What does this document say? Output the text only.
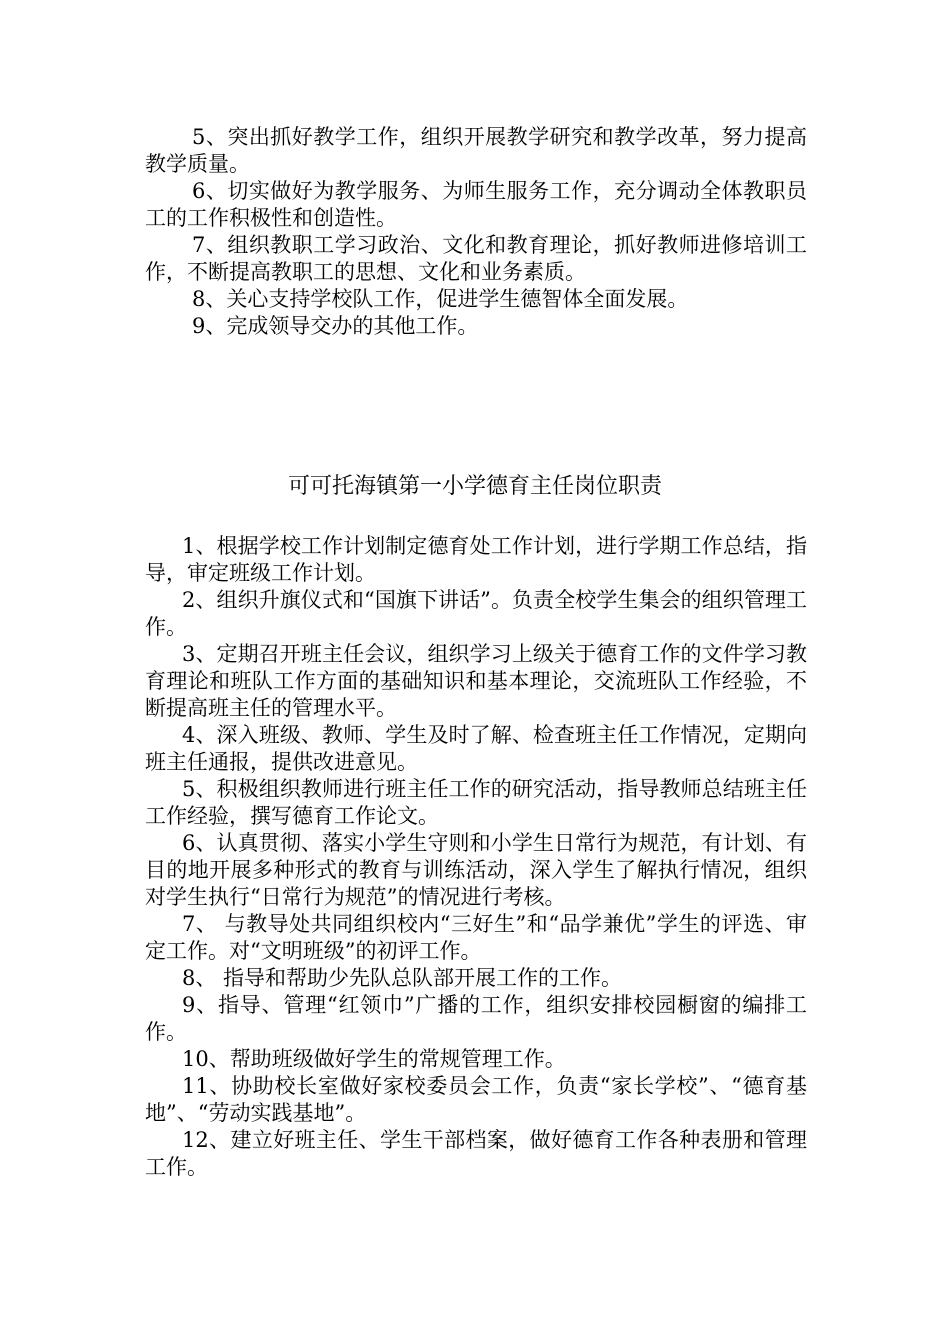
5、突出抓好教学工作，组织开展教学研究和教学改革，努力提高教学质量。

6、切实做好为教学服务、为师生服务工作，充分调动全体教职员工的工作积极性和创造性。

7、组织教职工学习政治、文化和教育理论，抓好教师进修培训工作，不断提高教职工的思想、文化和业务素质。

8、关心支持学校队工作，促进学生德智体全面发展。

9、完成领导交办的其他工作。

可可托海镇第一小学德育主任岗位职责

1、根据学校工作计划制定德育处工作计划，进行学期工作总结，指导，审定班级工作计划。

2、组织升旗仪式和“国旗下讲话”。负责全校学生集会的组织管理工作。

3、定期召开班主任会议，组织学习上级关于德育工作的文件学习教育理论和班队工作方面的基础知识和基本理论，交流班队工作经验，不断提高班主任的管理水平。

4、深入班级、教师、学生及时了解、检查班主任工作情况，定期向班主任通报，提供改进意见。

5、积极组织教师进行班主任工作的研究活动，指导教师总结班主任工作经验，撰写德育工作论文。

6、认真贯彻、落实小学生守则和小学生日常行为规范，有计划、有目的地开展多种形式的教育与训练活动，深入学生了解执行情况，组织对学生执行“日常行为规范”的情况进行考核。

7、 与教导处共同组织校内“三好生”和“品学兼优”学生的评选、审定工作。对“文明班级”的初评工作。

8、 指导和帮助少先队总队部开展工作的工作。

9、指导、管理“红领巾”广播的工作，组织安排校园橱窗的编排工作。

10、帮助班级做好学生的常规管理工作。

11、协助校长室做好家校委员会工作，负责“家长学校”、“德育基地”、“劳动实践基地”。

12、建立好班主任、学生干部档案，做好德育工作各种表册和管理工作。
